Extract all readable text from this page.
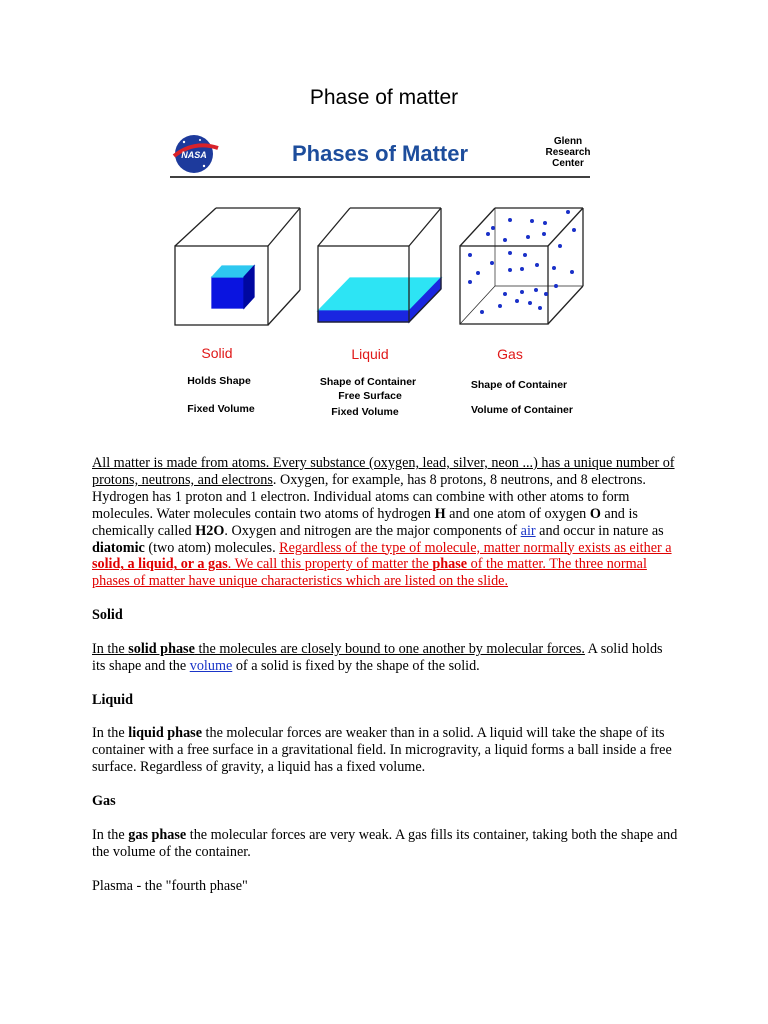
Phase of matter
NASA	Phases of Matter	Glenn
Research
Center
Solid	Liquid	Gas
Holds Shape
Fixed Volume
Shape of Container
Free Surface
Fixed Volume
Shape of Container
Volume of Container

All matter is made from atoms. Every substance (oxygen, lead, silver, neon ...) has a unique number of protons, neutrons, and electrons. Oxygen, for example, has 8 protons, 8 neutrons, and 8 electrons. Hydrogen has 1 proton and 1 electron. Individual atoms can combine with other atoms to form molecules. Water molecules contain two atoms of hydrogen H and one atom of oxygen O and is chemically called H2O. Oxygen and nitrogen are the major components of air and occur in nature as diatomic (two atom) molecules. Regardless of the type of molecule, matter normally exists as either a solid, a liquid, or a gas. We call this property of matter the phase of the matter. The three normal phases of matter have unique characteristics which are listed on the slide.

Solid

In the solid phase the molecules are closely bound to one another by molecular forces. A solid holds its shape and the volume of a solid is fixed by the shape of the solid.

Liquid

In the liquid phase the molecular forces are weaker than in a solid. A liquid will take the shape of its container with a free surface in a gravitational field. In microgravity, a liquid forms a ball inside a free surface. Regardless of gravity, a liquid has a fixed volume.

Gas

In the gas phase the molecular forces are very weak. A gas fills its container, taking both the shape and the volume of the container.

Plasma - the "fourth phase"
